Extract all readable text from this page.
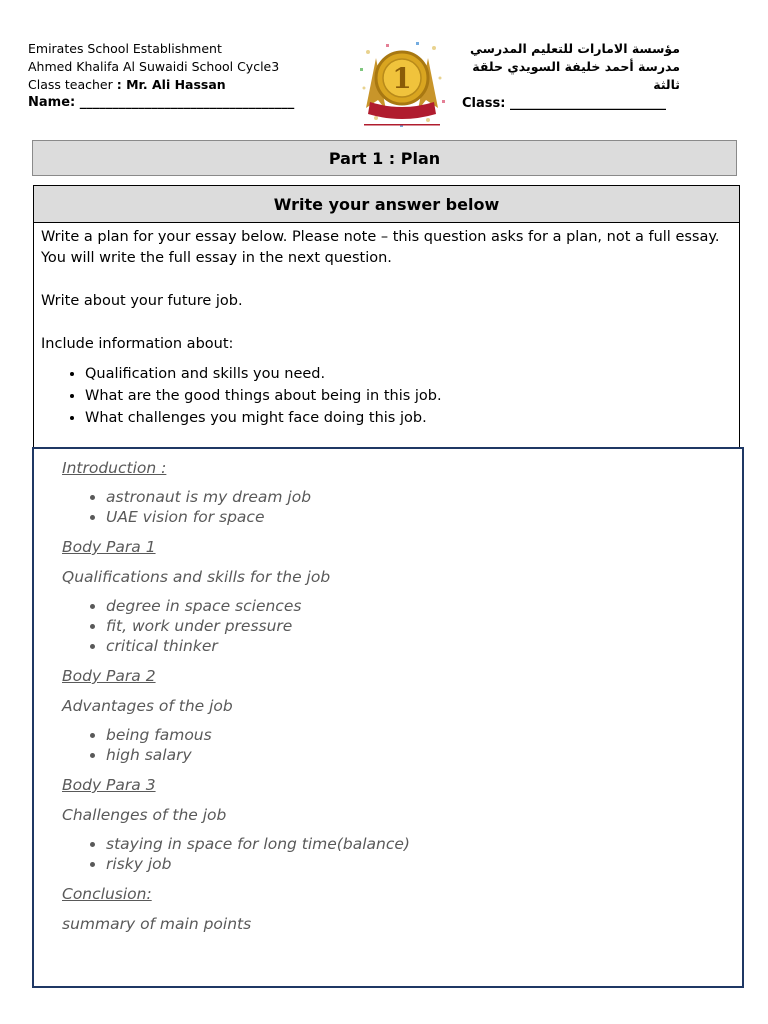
Emirates School Establishment
Ahmed Khalifa Al Suwaidi School Cycle3
Class teacher : Mr. Ali Hassan
Name: _________________________________
1
مؤسسة الامارات للتعليم المدرسي
مدرسة أحمد خليفة السويدي حلقة ثالثة
Class: ________________________
Part 1 : Plan
Write your answer below

Write a plan for your essay below. Please note – this question asks for a plan, not a full essay.

You will write the full essay in the next question.

Write about your future job.

Include information about:

• Qualification and skills you need.
• What are the good things about being in this job.
• What challenges you might face doing this job.

Introduction :

• astronaut is my dream job
• UAE vision for space

Body Para 1

Qualifications and skills for the job

• degree in space sciences
• fit, work under pressure
• critical thinker

Body Para 2

Advantages of the job

• being famous
• high salary

Body Para 3

Challenges of the job

• staying in space for long time(balance)
• risky job

Conclusion:

summary of main points
